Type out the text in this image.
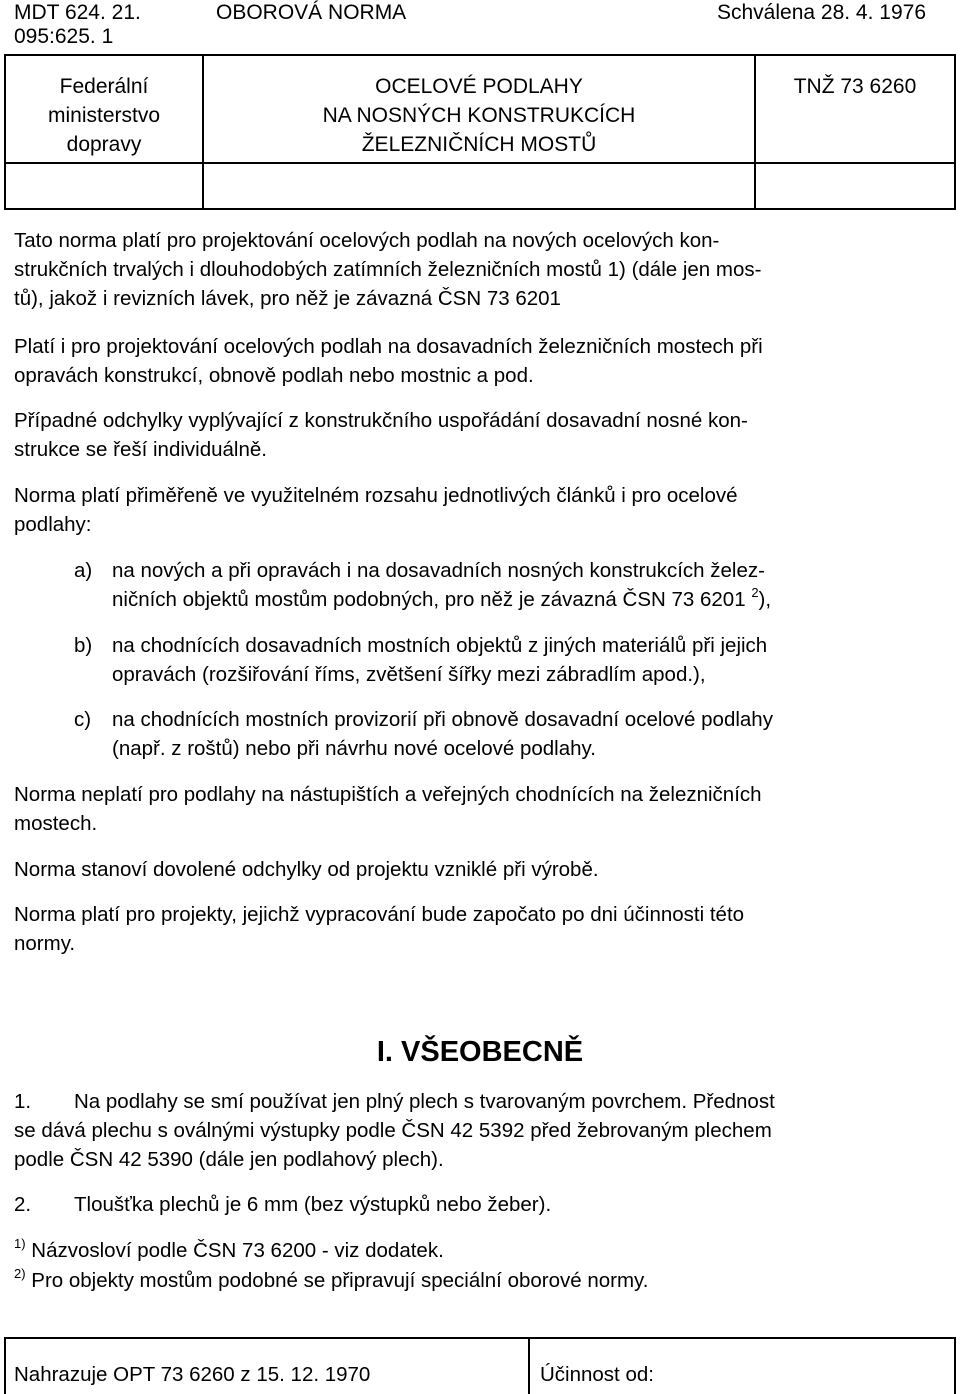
MDT 624. 21.
095:625. 1
OBOROVÁ NORMA	Schválena 28. 4. 1976
Federální
ministerstvo
dopravy
OCELOVÉ PODLAHY
NA NOSNÝCH KONSTRUKCÍCH
ŽELEZNIČNÍCH MOSTŮ
TNŽ 73 6260
Tato norma platí pro projektování ocelových podlah na nových ocelových kon-
strukčních trvalých i dlouhodobých zatímních železničních mostů 1) (dále jen mos-
tů), jakož i revizních lávek, pro něž je závazná ČSN 73 6201
Platí i pro projektování ocelových podlah na dosavadních železničních mostech při
opravách konstrukcí, obnově podlah nebo mostnic a pod.
Případné odchylky vyplývající z konstrukčního uspořádání dosavadní nosné kon-
strukce se řeší individuálně.
Norma platí přiměřeně ve využitelném rozsahu jednotlivých článků i pro ocelové
podlahy:
a) na nových a při opravách i na dosavadních nosných konstrukcích želez-
ničních objektů mostům podobných, pro něž je závazná ČSN 73 6201 $^2$),
b) na chodnících dosavadních mostních objektů z jiných materiálů při jejich
opravách (rozšiřování říms, zvětšení šířky mezi zábradlím apod.),
c) na chodnících mostních provizorií při obnově dosavadní ocelové podlahy
(např. z roštů) nebo při návrhu nové ocelové podlahy.
Norma neplatí pro podlahy na nástupištích a veřejných chodnících na železničních
mostech.
Norma stanoví dovolené odchylky od projektu vzniklé při výrobě.
Norma platí pro projekty, jejichž vypracování bude započato po dni účinnosti této
normy.
I. VŠEOBECNĚ
1. Na podlahy se smí používat jen plný plech s tvarovaným povrchem. Přednost
se dává plechu s oválnými výstupky podle ČSN 42 5392 před žebrovaným plechem
podle ČSN 42 5390 (dále jen podlahový plech).
2. Tloušťka plechů je 6 mm (bez výstupků nebo žeber).
$^{1)}$ Názvosloví podle ČSN 73 6200 - viz dodatek.
$^{2)}$ Pro objekty mostům podobné se připravují speciální oborové normy.
Nahrazuje OPT 73 6260 z 15. 12. 1970	Účinnost od:
